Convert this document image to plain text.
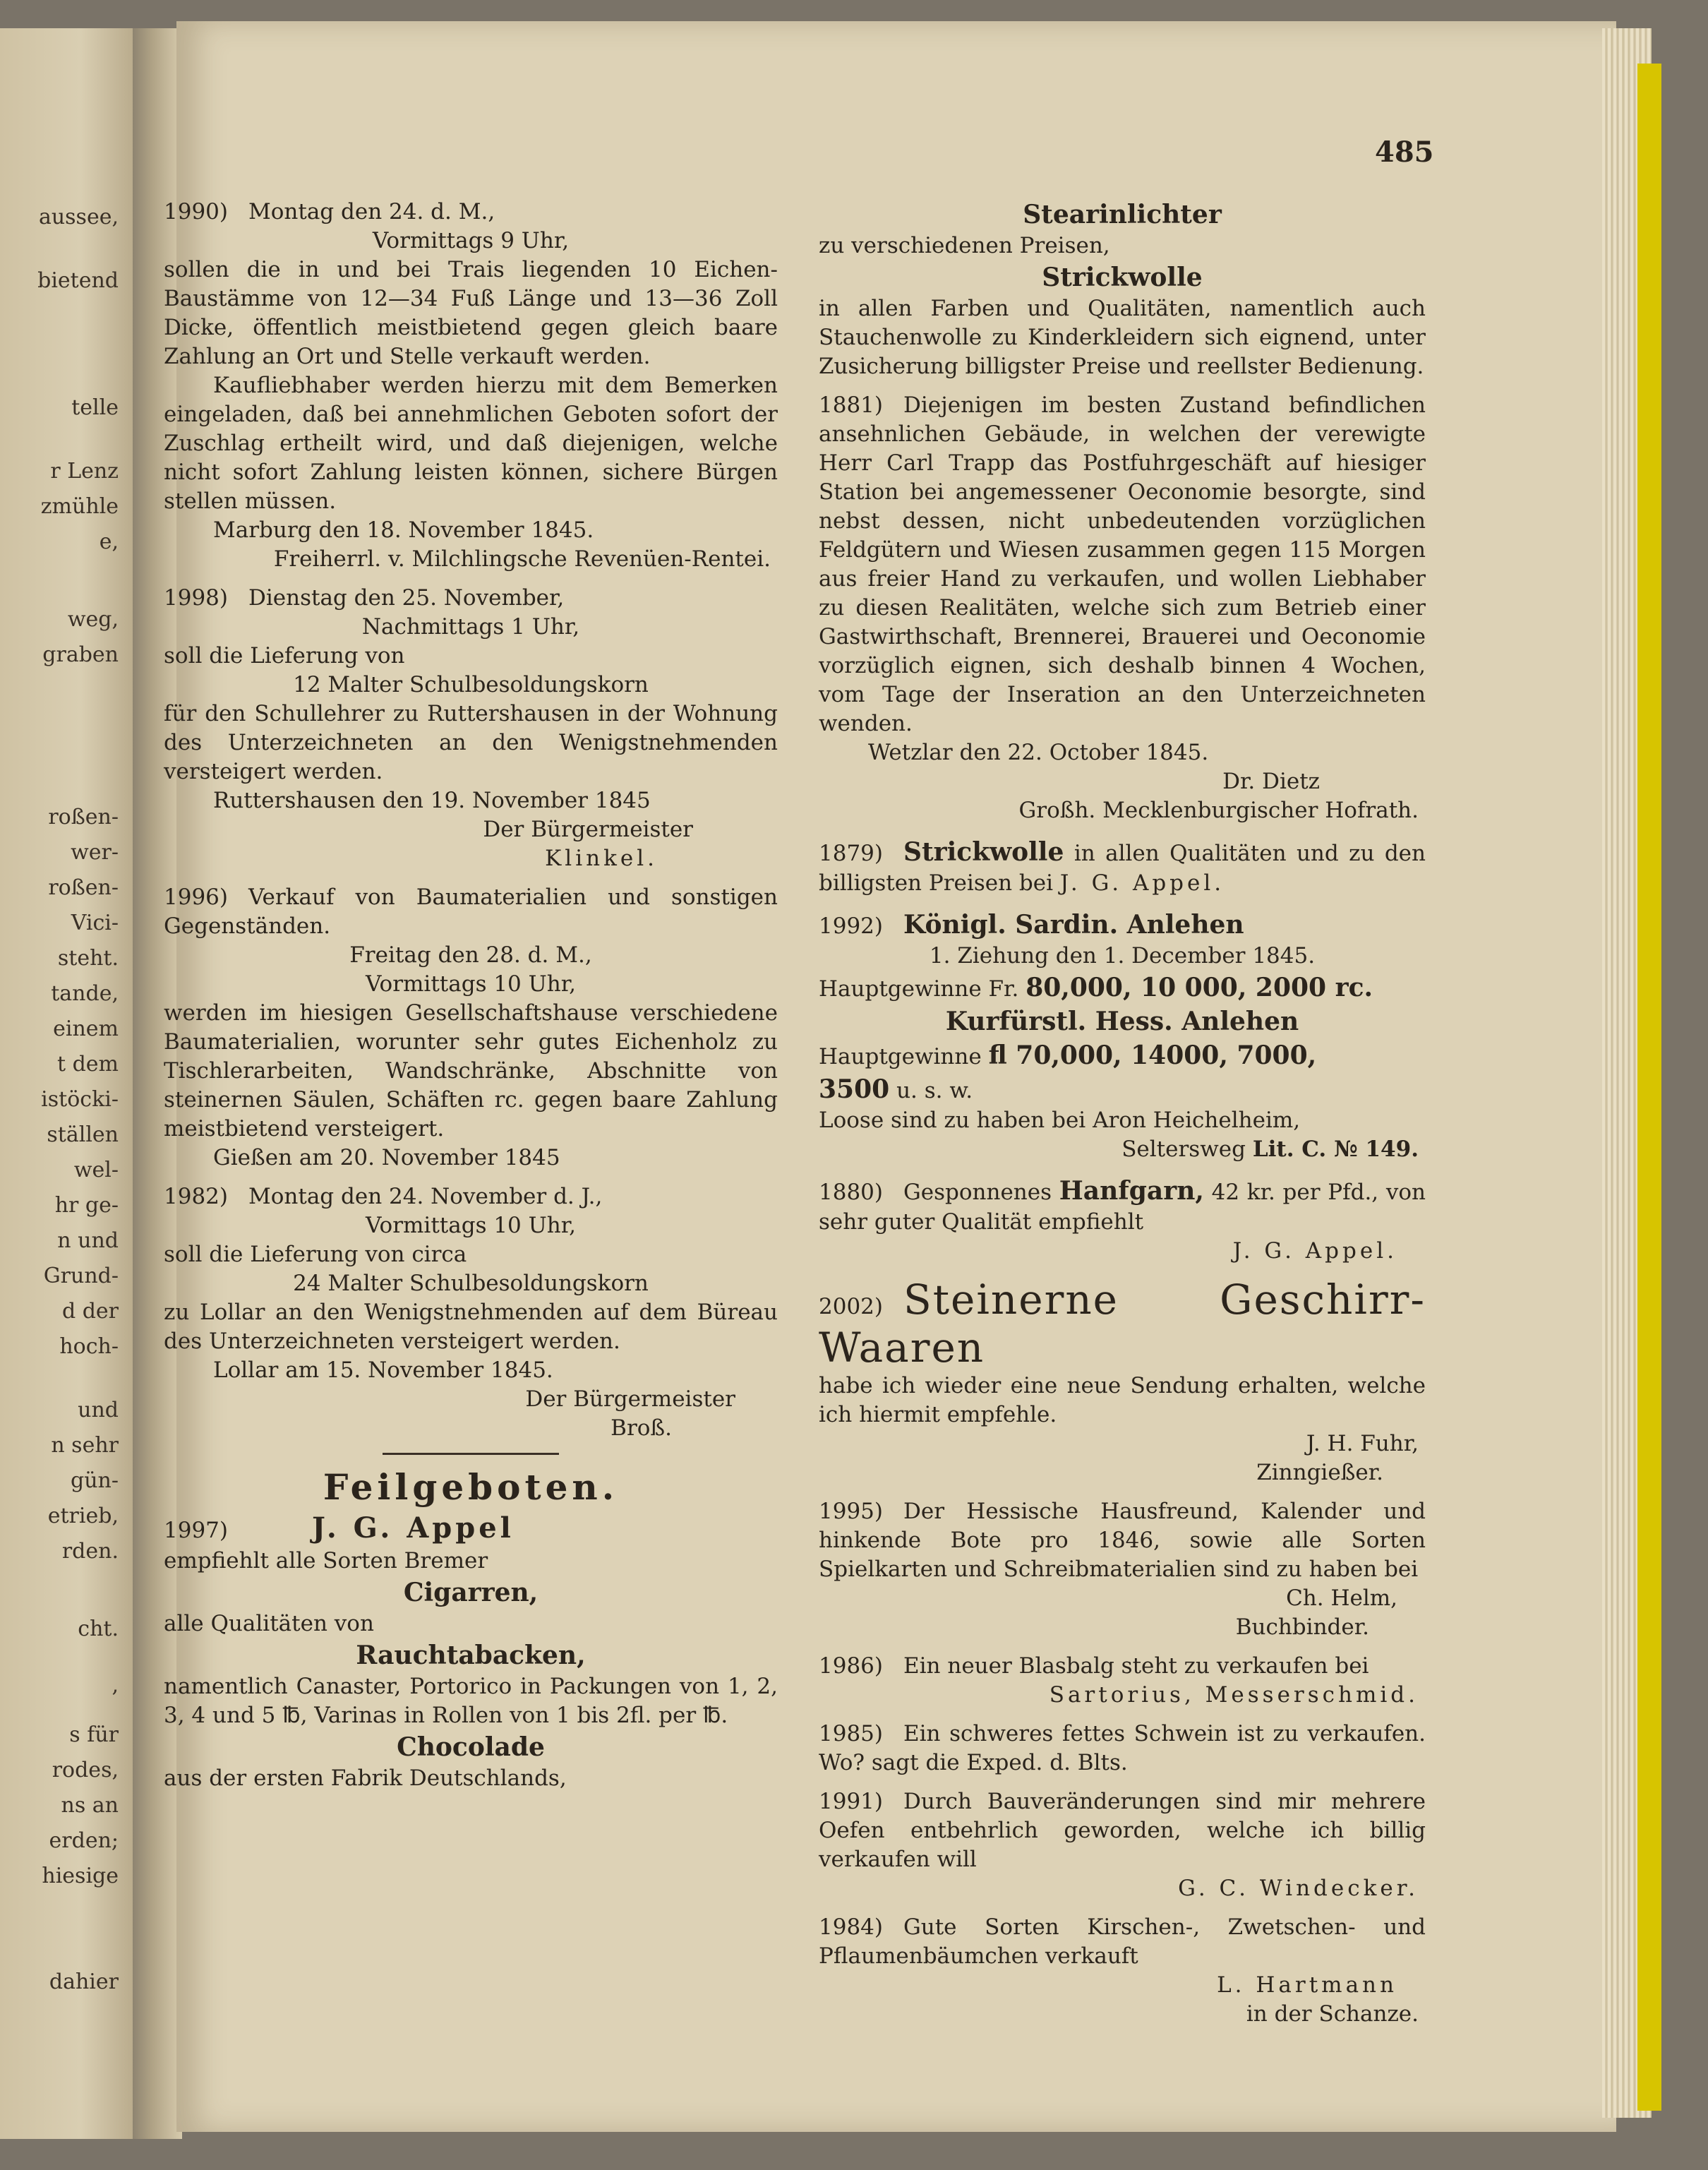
aussee,
bietend
telle
r Lenz
zmühle
e,
weg,
graben
roßen-
wer-
roßen-
Vici-
steht.
tande,
einem
t dem
istöcki-
ställen
wel-
hr ge-
n und
Grund-
d der
hoch-
und
n sehr
gün-
etrieb,
rden.
cht.
,
s für
rodes,
ns an
erden;
hiesige
dahier
485

1990) Montag den 24. d. M.,

Vormittags 9 Uhr,

sollen die in und bei Trais liegenden 10 Eichen-Baustämme von 12—34 Fuß Länge und 13—36 Zoll Dicke, öffentlich meistbietend gegen gleich baare Zahlung an Ort und Stelle verkauft werden.

Kaufliebhaber werden hierzu mit dem Bemerken eingeladen, daß bei annehmlichen Geboten sofort der Zuschlag ertheilt wird, und daß diejenigen, welche nicht sofort Zahlung leisten können, sichere Bürgen stellen müssen.

Marburg den 18. November 1845.

Freiherrl. v. Milchlingsche Revenüen-Rentei.

1998) Dienstag den 25. November,

Nachmittags 1 Uhr,

soll die Lieferung von

12 Malter Schulbesoldungskorn

für den Schullehrer zu Ruttershausen in der Wohnung des Unterzeichneten an den Wenigstnehmenden versteigert werden.

Ruttershausen den 19. November 1845

Der Bürgermeister

Klinkel.

1996) Verkauf von Baumaterialien und sonstigen Gegenständen.

Freitag den 28. d. M.,

Vormittags 10 Uhr,

werden im hiesigen Gesellschaftshause verschiedene Baumaterialien, worunter sehr gutes Eichenholz zu Tischlerarbeiten, Wandschränke, Abschnitte von steinernen Säulen, Schäften rc. gegen baare Zahlung meistbietend versteigert.

Gießen am 20. November 1845

1982) Montag den 24. November d. J.,

Vormittags 10 Uhr,

soll die Lieferung von circa

24 Malter Schulbesoldungskorn

zu Lollar an den Wenigstnehmenden auf dem Büreau des Unterzeichneten versteigert werden.

Lollar am 15. November 1845.

Der Bürgermeister

Broß.

Feilgeboten.

1997)	J. G. Appel

empfiehlt alle Sorten Bremer

Cigarren,

alle Qualitäten von

Rauchtabacken,

namentlich Canaster, Portorico in Packungen von 1, 2, 3, 4 und 5 ℔, Varinas in Rollen von 1 bis 2fl. per ℔.

Chocolade

aus der ersten Fabrik Deutschlands,

Stearinlichter

zu verschiedenen Preisen,

Strickwolle

in allen Farben und Qualitäten, namentlich auch Stauchenwolle zu Kinderkleidern sich eignend, unter Zusicherung billigster Preise und reellster Bedienung.

1881) Diejenigen im besten Zustand befindlichen ansehnlichen Gebäude, in welchen der verewigte Herr Carl Trapp das Postfuhrgeschäft auf hiesiger Station bei angemessener Oeconomie besorgte, sind nebst dessen, nicht unbedeutenden vorzüglichen Feldgütern und Wiesen zusammen gegen 115 Morgen aus freier Hand zu verkaufen, und wollen Liebhaber zu diesen Realitäten, welche sich zum Betrieb einer Gastwirthschaft, Brennerei, Brauerei und Oeconomie vorzüglich eignen, sich deshalb binnen 4 Wochen, vom Tage der Inseration an den Unterzeichneten wenden.

Wetzlar den 22. October 1845.

Dr. Dietz

Großh. Mecklenburgischer Hofrath.

1879) Strickwolle in allen Qualitäten und zu den billigsten Preisen bei J. G. Appel.

1992) Königl. Sardin. Anlehen

1. Ziehung den 1. December 1845.

Hauptgewinne Fr. 80,000, 10 000, 2000 rc.

Kurfürstl. Hess. Anlehen

Hauptgewinne fl 70,000, 14000, 7000,

3500 u. s. w.

Loose sind zu haben bei Aron Heichelheim,

Seltersweg Lit. C. № 149.

1880) Gesponnenes Hanfgarn, 42 kr. per Pfd., von sehr guter Qualität empfiehlt

J. G. Appel.

2002) Steinerne Geschirr-Waaren

habe ich wieder eine neue Sendung erhalten, welche ich hiermit empfehle.

J. H. Fuhr,

Zinngießer.

1995) Der Hessische Hausfreund, Kalender und hinkende Bote pro 1846, sowie alle Sorten Spielkarten und Schreibmaterialien sind zu haben bei

Ch. Helm,

Buchbinder.

1986) Ein neuer Blasbalg steht zu verkaufen bei

Sartorius, Messerschmid.

1985) Ein schweres fettes Schwein ist zu verkaufen. Wo? sagt die Exped. d. Blts.

1991) Durch Bauveränderungen sind mir mehrere Oefen entbehrlich geworden, welche ich billig verkaufen will

G. C. Windecker.

1984) Gute Sorten Kirschen-, Zwetschen- und Pflaumenbäumchen verkauft

L. Hartmann

in der Schanze.
